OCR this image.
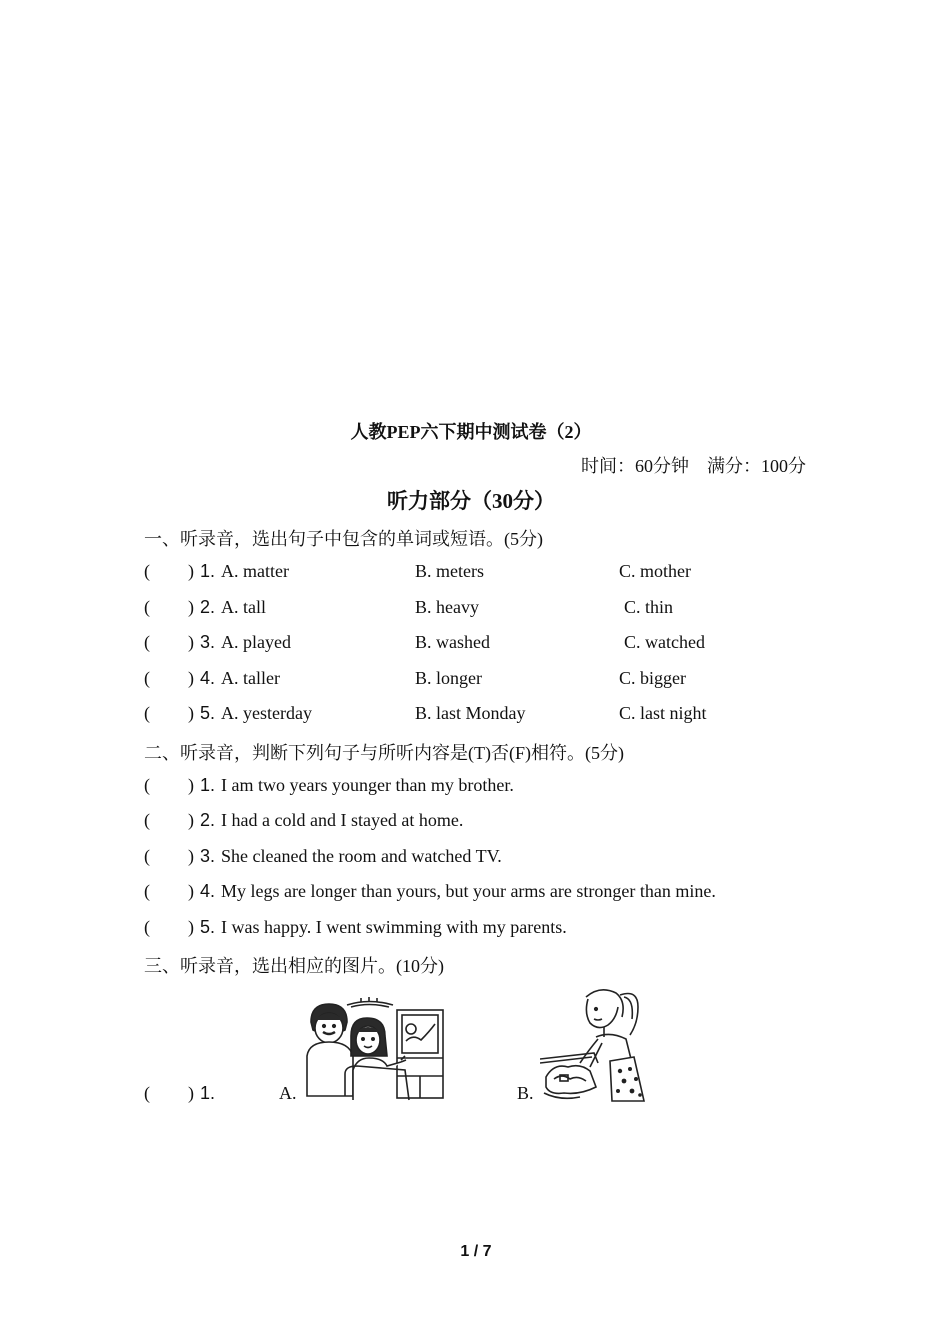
人教PEP六下期中测试卷（2）
时间：60分钟　满分：100分
听力部分（30分）
一、听录音，选出句子中包含的单词或短语。(5分)
( ) 1. A. matter	B. meters	C. mother
( ) 2. A. tall	B. heavy	C. thin
( ) 3. A. played	B. washed	C. watched
( ) 4. A. taller	B. longer	C. bigger
( ) 5. A. yesterday	B. last Monday	C. last night
二、听录音，判断下列句子与所听内容是(T)否(F)相符。(5分)
( ) 1. I am two years younger than my brother.
( ) 2. I had a cold and I stayed at home.
( ) 3. She cleaned the room and watched TV.
( ) 4. My legs are longer than yours, but your arms are stronger than mine.
( ) 5. I was happy. I went swimming with my parents.
三、听录音，选出相应的图片。(10分)
( ) 1.	A.	B.
1 / 7
